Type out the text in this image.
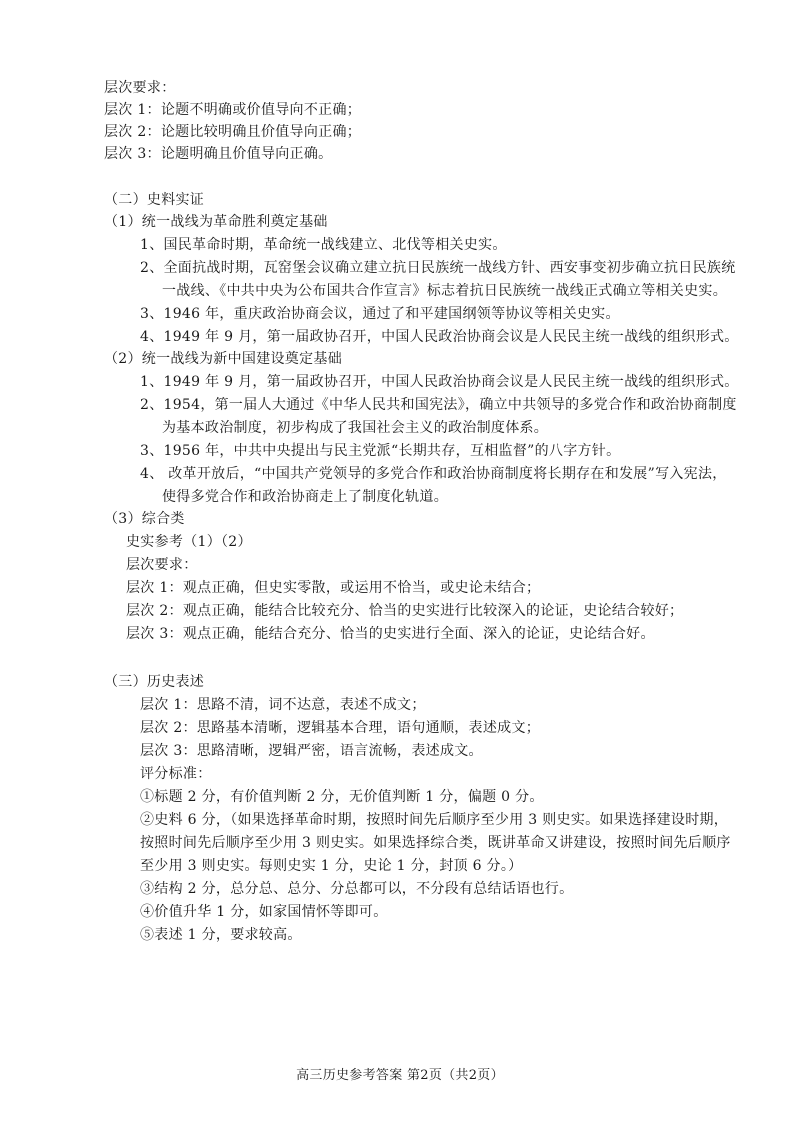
层次要求：
层次 1：论题不明确或价值导向不正确；
层次 2：论题比较明确且价值导向正确；
层次 3：论题明确且价值导向正确。
（二）史料实证
（1）统一战线为革命胜利奠定基础
1、国民革命时期，革命统一战线建立、北伐等相关史实。
2、全面抗战时期，瓦窑堡会议确立建立抗日民族统一战线方针、西安事变初步确立抗日民族统
一战线、《中共中央为公布国共合作宣言》标志着抗日民族统一战线正式确立等相关史实。
3、1946 年，重庆政治协商会议，通过了和平建国纲领等协议等相关史实。
4、1949 年 9 月，第一届政协召开，中国人民政治协商会议是人民民主统一战线的组织形式。
（2）统一战线为新中国建设奠定基础
1、1949 年 9 月，第一届政协召开，中国人民政治协商会议是人民民主统一战线的组织形式。
2、1954，第一届人大通过《中华人民共和国宪法》，确立中共领导的多党合作和政治协商制度
为基本政治制度，初步构成了我国社会主义的政治制度体系。
3、1956 年，中共中央提出与民主党派“长期共存，互相监督”的八字方针。
4、 改革开放后，“中国共产党领导的多党合作和政治协商制度将长期存在和发展”写入宪法，
使得多党合作和政治协商走上了制度化轨道。
（3）综合类
史实参考（1）（2）
层次要求：
层次 1：观点正确，但史实零散，或运用不恰当，或史论未结合；
层次 2：观点正确，能结合比较充分、恰当的史实进行比较深入的论证，史论结合较好；
层次 3：观点正确，能结合充分、恰当的史实进行全面、深入的论证，史论结合好。
（三）历史表述
层次 1：思路不清，词不达意，表述不成文；
层次 2：思路基本清晰，逻辑基本合理，语句通顺，表述成文；
层次 3：思路清晰，逻辑严密，语言流畅，表述成文。
评分标准：
①标题 2 分，有价值判断 2 分，无价值判断 1 分，偏题 0 分。
②史料 6 分，（如果选择革命时期，按照时间先后顺序至少用 3 则史实。如果选择建设时期，
按照时间先后顺序至少用 3 则史实。如果选择综合类，既讲革命又讲建设，按照时间先后顺序
至少用 3 则史实。每则史实 1 分，史论 1 分，封顶 6 分。）
③结构 2 分，总分总、总分、分总都可以，不分段有总结话语也行。
④价值升华 1 分，如家国情怀等即可。
⑤表述 1 分，要求较高。
高三历史参考答案 第2页（共2页）
